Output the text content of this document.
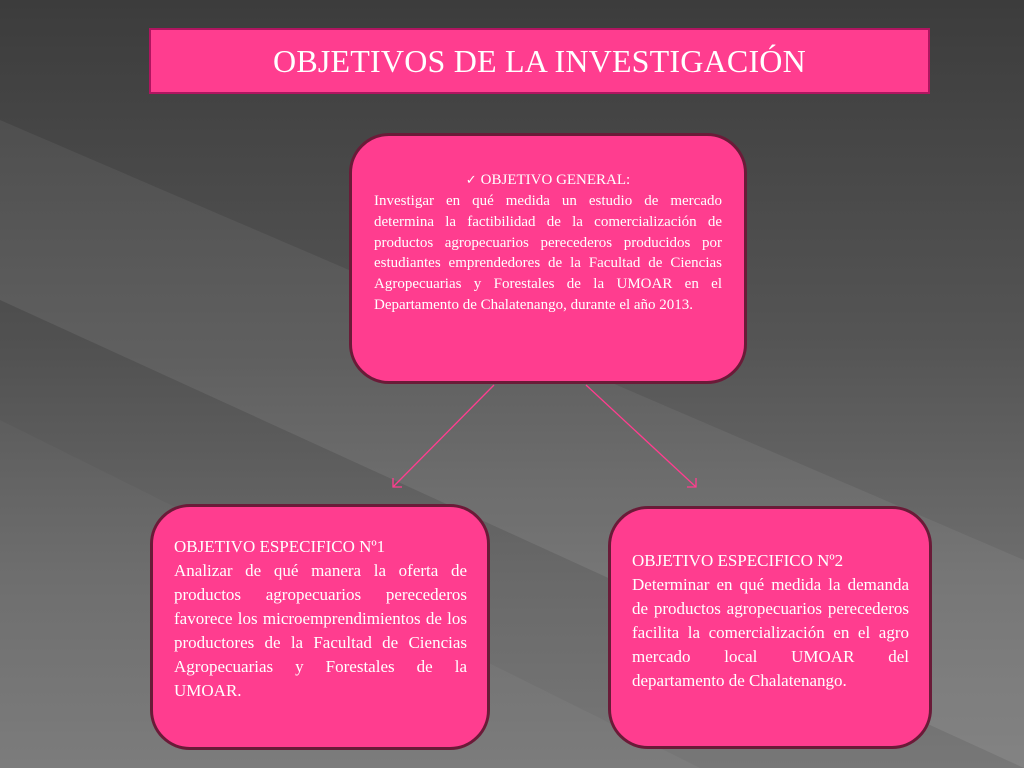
OBJETIVOS DE LA INVESTIGACIÓN
✓ OBJETIVO GENERAL:
Investigar en qué medida un estudio de mercado determina la factibilidad de la comercialización de productos agropecuarios perecederos producidos por estudiantes emprendedores de la Facultad de Ciencias Agropecuarias y Forestales de la UMOAR en el Departamento de Chalatenango, durante el año 2013.
OBJETIVO ESPECIFICO Nº1
Analizar de qué manera la oferta de productos agropecuarios perecederos favorece los microemprendimientos de los productores de la Facultad de Ciencias Agropecuarias y Forestales de la UMOAR.
OBJETIVO ESPECIFICO Nº2
Determinar en qué medida la demanda de productos agropecuarios perecederos facilita la comercialización en el agro mercado local UMOAR del departamento de Chalatenango.
